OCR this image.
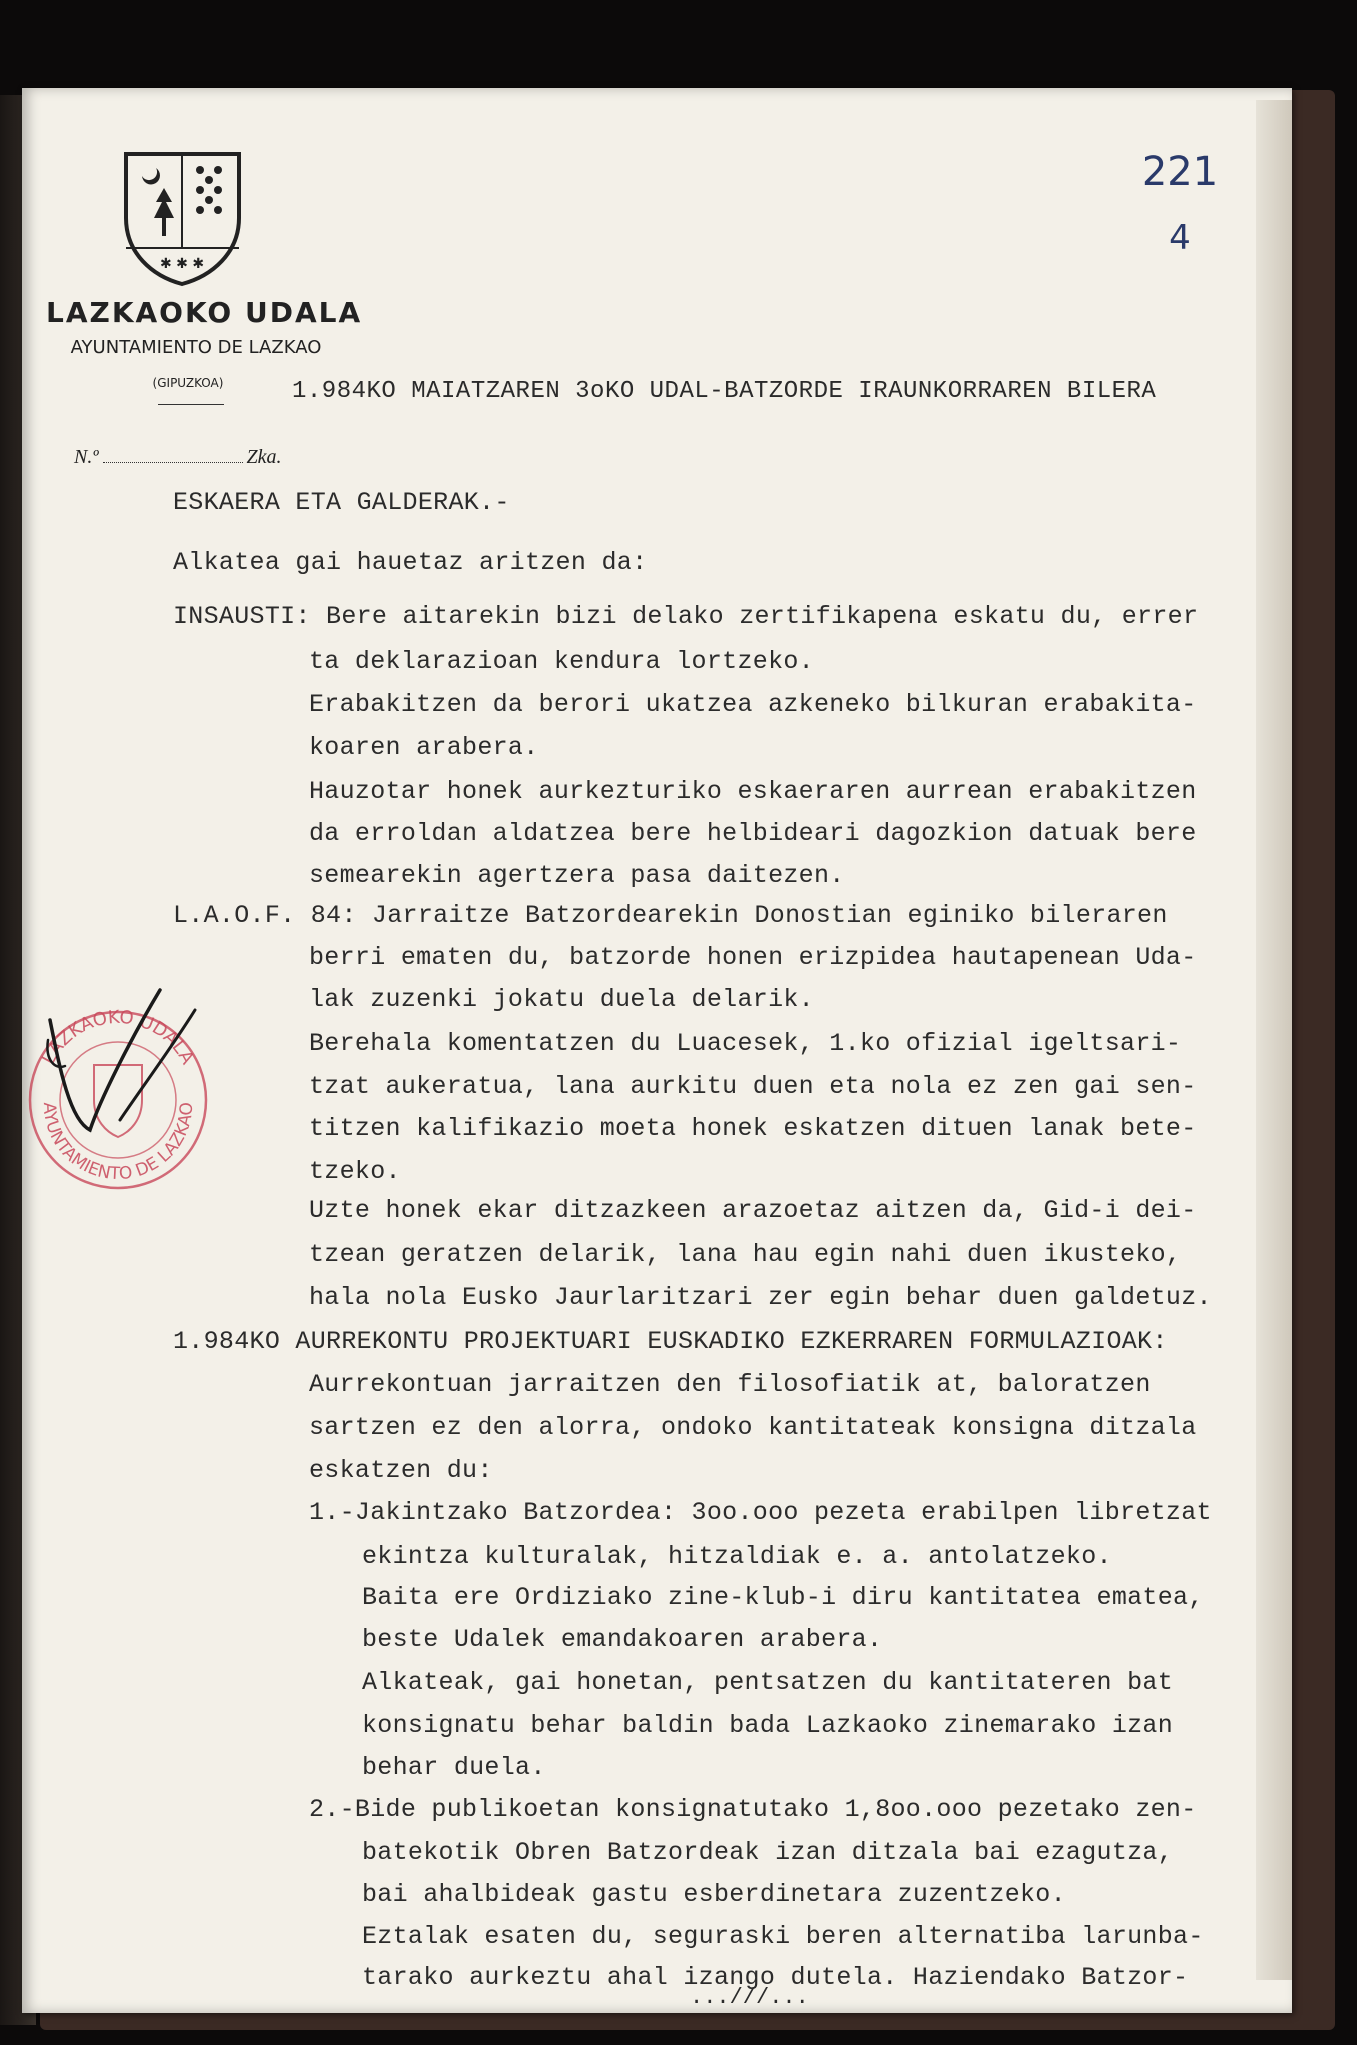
✱ ✱ ✱
LAZKAOKO UDALA
AYUNTAMIENTO DE LAZKAO
(GIPUZKOA)
221
4
1.984KO MAIATZAREN 3oKO UDAL-BATZORDE IRAUNKORRAREN BILERA
N.º	Zka.
ESKAERA ETA GALDERAK.-
Alkatea gai hauetaz aritzen da:
INSAUSTI: Bere aitarekin bizi delako zertifikapena eskatu du, errer
ta deklarazioan kendura lortzeko.
Erabakitzen da berori ukatzea azkeneko bilkuran erabakita-
koaren arabera.
Hauzotar honek aurkezturiko eskaeraren aurrean erabakitzen
da erroldan aldatzea bere helbideari dagozkion datuak bere
semearekin agertzera pasa daitezen.
L.A.O.F. 84: Jarraitze Batzordearekin Donostian eginiko bileraren
berri ematen du, batzorde honen erizpidea hautapenean Uda-
lak zuzenki jokatu duela delarik.
Berehala komentatzen du Luacesek, 1.ko ofizial igeltsari-
tzat aukeratua, lana aurkitu duen eta nola ez zen gai sen-
titzen kalifikazio moeta honek eskatzen dituen lanak bete-
tzeko.
Uzte honek ekar ditzazkeen arazoetaz aitzen da, Gid-i dei-
tzean geratzen delarik, lana hau egin nahi duen ikusteko,
hala nola Eusko Jaurlaritzari zer egin behar duen galdetuz.
1.984KO AURREKONTU PROJEKTUARI EUSKADIKO EZKERRAREN FORMULAZIOAK:
Aurrekontuan jarraitzen den filosofiatik at, baloratzen
sartzen ez den alorra, ondoko kantitateak konsigna ditzala
eskatzen du:
1.-Jakintzako Batzordea: 3oo.ooo pezeta erabilpen libretzat
ekintza kulturalak, hitzaldiak e. a. antolatzeko.
Baita ere Ordiziako zine-klub-i diru kantitatea ematea,
beste Udalek emandakoaren arabera.
Alkateak, gai honetan, pentsatzen du kantitateren bat
konsignatu behar baldin bada Lazkaoko zinemarako izan
behar duela.
2.-Bide publikoetan konsignatutako 1,8oo.ooo pezetako zen-
batekotik Obren Batzordeak izan ditzala bai ezagutza,
bai ahalbideak gastu esberdinetara zuzentzeko.
Eztalak esaten du, seguraski beren alternatiba larunba-
tarako aurkeztu ahal izango dutela. Haziendako Batzor-
LAZKAOKO UDALA
AYUNTAMIENTO DE LAZKAO
...///...
